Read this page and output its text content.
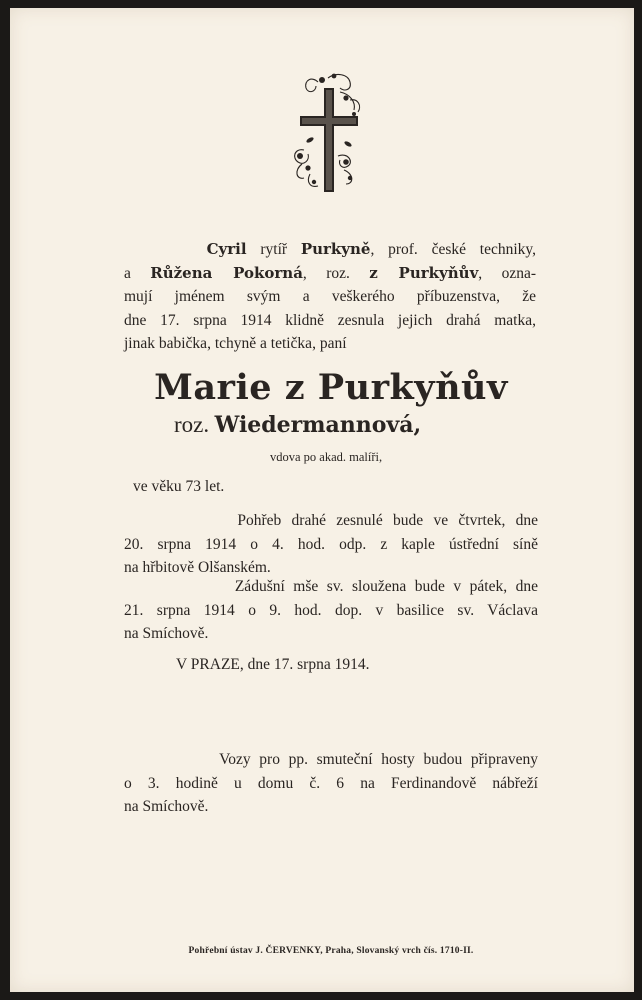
Cyril rytíř Purkyně, prof. české techniky,
a Růžena Pokorná, roz. z Purkyňův, ozna-
mují jménem svým a veškerého příbuzenstva, že
dne 17. srpna 1914 klidně zesnula jejich drahá matka,
jinak babička, tchyně a tetička, paní
Marie z Purkyňův
roz. Wiedermannová,
vdova po akad. malíři,
ve věku 73 let.
Pohřeb drahé zesnulé bude ve čtvrtek, dne
20. srpna 1914 o 4. hod. odp. z kaple ústřední síně
na hřbitově Olšanském.
Zádušní mše sv. sloužena bude v pátek, dne
21. srpna 1914 o 9. hod. dop. v basilice sv. Václava
na Smíchově.
V PRAZE, dne 17. srpna 1914.
Vozy pro pp. smuteční hosty budou připraveny
o 3. hodině u domu č. 6 na Ferdinandově nábřeží
na Smíchově.
Pohřební ústav J. ČERVENKY, Praha, Slovanský vrch čís. 1710-II.
